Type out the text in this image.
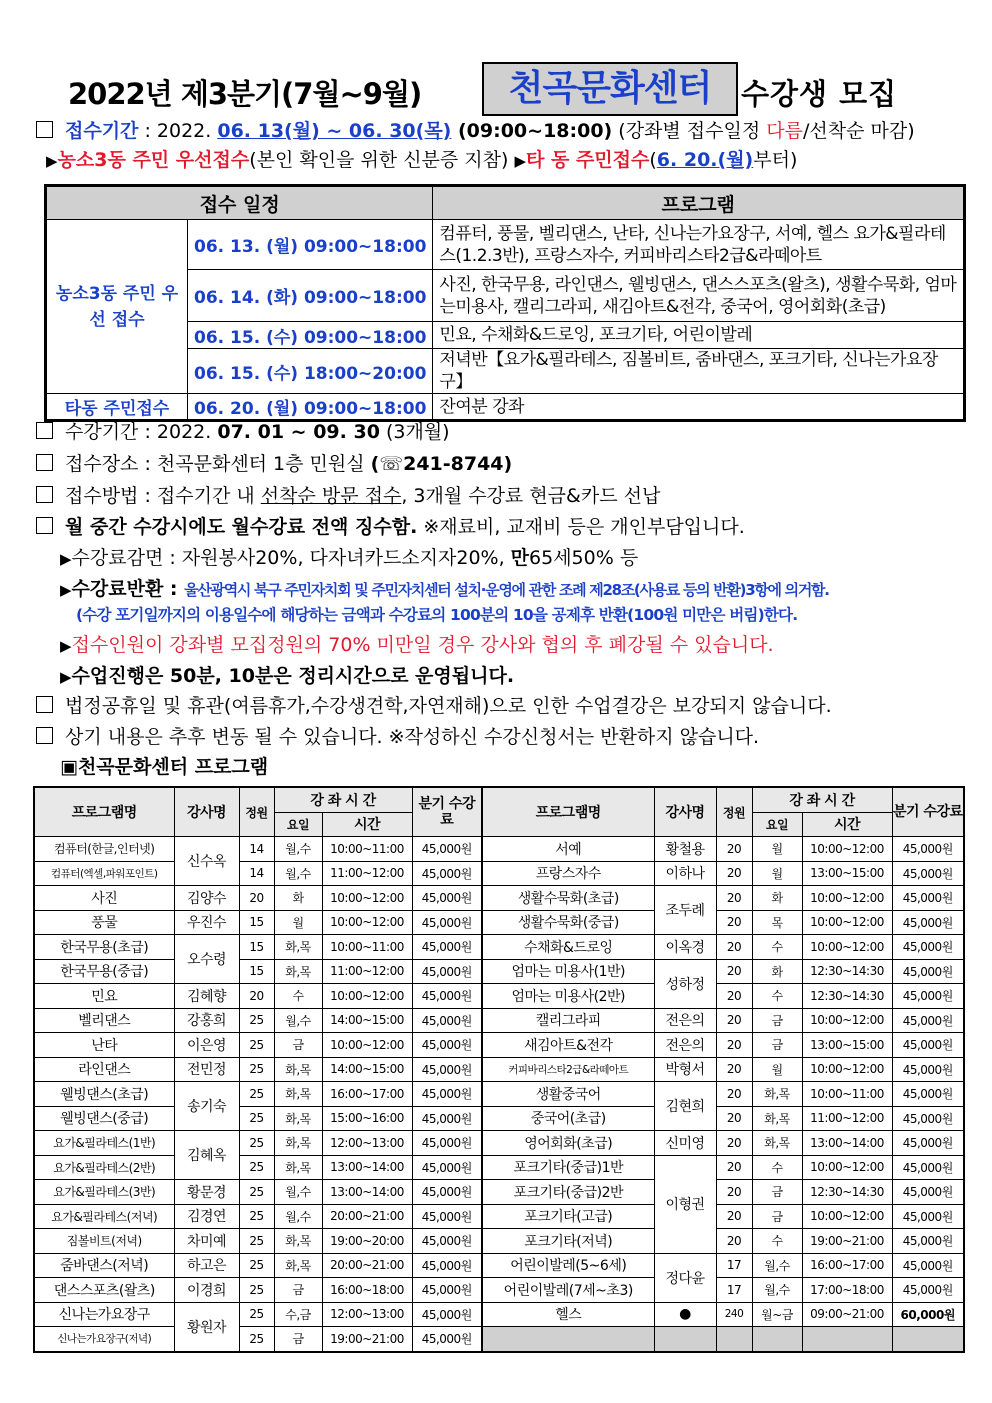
2022년 제3분기(7월~9월)	천곡문화센터	수강생 모집
접수기간 : 2022. 06. 13(월) ~ 06. 30(목) (09:00~18:00) (강좌별 접수일정 다름/선착순 마감)
▶농소3동 주민 우선접수(본인 확인을 위한 신분증 지참) ▶타 동 주민접수(6. 20.(월)부터)
접수 일정		프로그램
농소3동 주민 우선 접수	06. 13. (월) 09:00~18:00	컴퓨터, 풍물, 벨리댄스, 난타, 신나는가요장구, 서예, 헬스 요가&필라테스(1.2.3반), 프랑스자수, 커피바리스타2급&라떼아트
	06. 14. (화) 09:00~18:00	사진, 한국무용, 라인댄스, 웰빙댄스, 댄스스포츠(왈츠), 생활수묵화, 엄마는미용사, 캘리그라피, 새김아트&전각, 중국어, 영어회화(초급)
	06. 15. (수) 09:00~18:00	민요, 수채화&드로잉, 포크기타, 어린이발레
	06. 15. (수) 18:00~20:00	저녁반【요가&필라테스, 짐볼비트, 줌바댄스, 포크기타, 신나는가요장구】
타동 주민접수	06. 20. (월) 09:00~18:00	잔여분 강좌
수강기간 : 2022. 07. 01 ~ 09. 30 (3개월)
접수장소 : 천곡문화센터 1층 민원실 (☏241-8744)
접수방법 : 접수기간 내 선착순 방문 접수, 3개월 수강료 현금&카드 선납
월 중간 수강시에도 월수강료 전액 징수함. ※재료비, 교재비 등은 개인부담입니다.
▶수강료감면 : 자원봉사20%, 다자녀카드소지자20%, 만65세50% 등
▶수강료반환 : 울산광역시 북구 주민자치회 및 주민자치센터 설치·운영에 관한 조례 제28조(사용료 등의 반환)3항에 의거함.
(수강 포기일까지의 이용일수에 해당하는 금액과 수강료의 100분의 10을 공제후 반환(100원 미만은 버림)한다.
▶접수인원이 강좌별 모집정원의 70% 미만일 경우 강사와 협의 후 폐강될 수 있습니다.
▶수업진행은 50분, 10분은 정리시간으로 운영됩니다.
법정공휴일 및 휴관(여름휴가,수강생견학,자연재해)으로 인한 수업결강은 보강되지 않습니다.
상기 내용은 추후 변동 될 수 있습니다. ※작성하신 수강신청서는 반환하지 않습니다.
▣천곡문화센터 프로그램
프로그램명	강사명	정원	강 좌 시 간		분기 수강료	프로그램명	강사명	정원	강 좌 시 간		분기 수강료
			요일	시간					요일	시간	
컴퓨터(한글,인터넷)	신수옥	14	월,수	10:00~11:00	45,000원	서예	황철용	20	월	10:00~12:00	45,000원
컴퓨터(엑셀,파워포인트)		14	월,수	11:00~12:00	45,000원	프랑스자수	이하나	20	월	13:00~15:00	45,000원
사진	김양수	20	화	10:00~12:00	45,000원	생활수묵화(초급)	조두례	20	화	10:00~12:00	45,000원
풍물	우진수	15	월	10:00~12:00	45,000원	생활수묵화(중급)		20	목	10:00~12:00	45,000원
한국무용(초급)	오수령	15	화,목	10:00~11:00	45,000원	수채화&드로잉	이옥경	20	수	10:00~12:00	45,000원
한국무용(중급)		15	화,목	11:00~12:00	45,000원	엄마는 미용사(1반)	성하정	20	화	12:30~14:30	45,000원
민요	김혜향	20	수	10:00~12:00	45,000원	엄마는 미용사(2반)		20	수	12:30~14:30	45,000원
벨리댄스	강홍희	25	월,수	14:00~15:00	45,000원	캘리그라피	전은의	20	금	10:00~12:00	45,000원
난타	이은영	25	금	10:00~12:00	45,000원	새김아트&전각	전은의	20	금	13:00~15:00	45,000원
라인댄스	전민정	25	화,목	14:00~15:00	45,000원	커피바리스타2급&라떼아트	박형서	20	월	10:00~12:00	45,000원
웰빙댄스(초급)	송기숙	25	화,목	16:00~17:00	45,000원	생활중국어	김현희	20	화,목	10:00~11:00	45,000원
웰빙댄스(중급)		25	화,목	15:00~16:00	45,000원	중국어(초급)		20	화,목	11:00~12:00	45,000원
요가&필라테스(1반)	김혜옥	25	화,목	12:00~13:00	45,000원	영어회화(초급)	신미영	20	화,목	13:00~14:00	45,000원
요가&필라테스(2반)		25	화,목	13:00~14:00	45,000원	포크기타(중급)1반	이형권	20	수	10:00~12:00	45,000원
요가&필라테스(3반)	황문경	25	월,수	13:00~14:00	45,000원	포크기타(중급)2반		20	금	12:30~14:30	45,000원
요가&필라테스(저녁)	김경연	25	월,수	20:00~21:00	45,000원	포크기타(고급)		20	금	10:00~12:00	45,000원
짐볼비트(저녁)	차미예	25	화,목	19:00~20:00	45,000원	포크기타(저녁)		20	수	19:00~21:00	45,000원
줌바댄스(저녁)	하고은	25	화,목	20:00~21:00	45,000원	어린이발레(5~6세)	정다윤	17	월,수	16:00~17:00	45,000원
댄스스포츠(왈츠)	이경희	25	금	16:00~18:00	45,000원	어린이발레(7세~초3)		17	월,수	17:00~18:00	45,000원
신나는가요장구	황원자	25	수,금	12:00~13:00	45,000원	헬스	●	240	월~금	09:00~21:00	60,000원
신나는가요장구(저녁)		25	금	19:00~21:00	45,000원						
